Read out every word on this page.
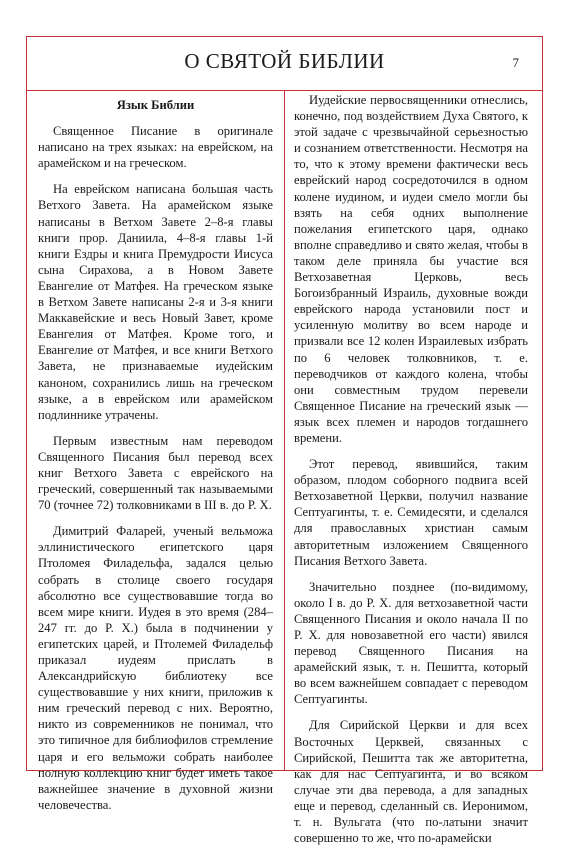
О СВЯТОЙ БИБЛИИ	7
Язык Библии

Священное Писание в оригинале написано на трех языках: на еврейском, на арамейском и на греческом.

На еврейском написана большая часть Ветхого Завета. На арамейском языке написаны в Ветхом Завете 2–8-я главы книги прор. Даниила, 4–8-я главы 1-й книги Ездры и книга Премудрости Иисуса сына Сирахова, а в Новом Завете Евангелие от Матфея. На греческом языке в Ветхом Завете написаны 2-я и 3-я книги Маккавейские и весь Новый Завет, кроме Евангелия от Матфея. Кроме того, и Евангелие от Матфея, и все книги Ветхого Завета, не признаваемые иудейским каноном, сохранились лишь на греческом языке, а в еврейском или арамейском подлиннике утрачены.

Первым известным нам переводом Священного Писания был перевод всех книг Ветхого Завета с еврейского на греческий, совершенный так называемыми 70 (точнее 72) толковниками в III в. до Р. Х.

Димитрий Фаларей, ученый вельможа эллинистического египетского царя Птоломея Филадельфа, задался целью собрать в столице своего государя абсолютно все существовавшие тогда во всем мире книги. Иудея в это время (284–247 гг. до Р. Х.) была в подчинении у египетских царей, и Птолемей Филадельф приказал иудеям прислать в Александрийскую библиотеку все существовавшие у них книги, приложив к ним греческий перевод с них. Вероятно, никто из современников не понимал, что это типичное для библиофилов стремление царя и его вельможи собрать наиболее полную коллекцию книг будет иметь такое важнейшее значение в духовной жизни человечества.

Иудейские первосвященники отнеслись, конечно, под воздействием Духа Святого, к этой задаче с чрезвычайной серьезностью и сознанием ответственности. Несмотря на то, что к этому времени фактически весь еврейский народ сосредоточился в одном колене иудином, и иудеи смело могли бы взять на себя одних выполнение пожелания египетского царя, однако вполне справедливо и свято желая, чтобы в таком деле приняла бы участие вся Ветхозаветная Церковь, весь Богоизбранный Израиль, духовные вожди еврейского народа установили пост и усиленную молитву во всем народе и призвали все 12 колен Израилевых избрать по 6 человек толковников, т. е. переводчиков от каждого колена, чтобы они совместным трудом перевели Священное Писание на греческий язык — язык всех племен и народов тогдашнего времени.

Этот перевод, явившийся, таким образом, плодом соборного подвига всей Ветхозаветной Церкви, получил название Септуагинты, т. е. Семидесяти, и сделался для православных христиан самым авторитетным изложением Священного Писания Ветхого Завета.

Значительно позднее (по-видимому, около I в. до Р. Х. для ветхозаветной части Священного Писания и около начала II по Р. Х. для новозаветной его части) явился перевод Священного Писания на арамейский язык, т. н. Пешитта, который во всем важнейшем совпадает с переводом Септуагинты.

Для Сирийской Церкви и для всех Восточных Церквей, связанных с Сирийской, Пешитта так же авторитетна, как для нас Септуагинта, и во всяком случае эти два перевода, а для западных еще и перевод, сделанный св. Иеронимом, т. н. Вульгата (что по-латыни значит совершенно то же, что по-арамейски
